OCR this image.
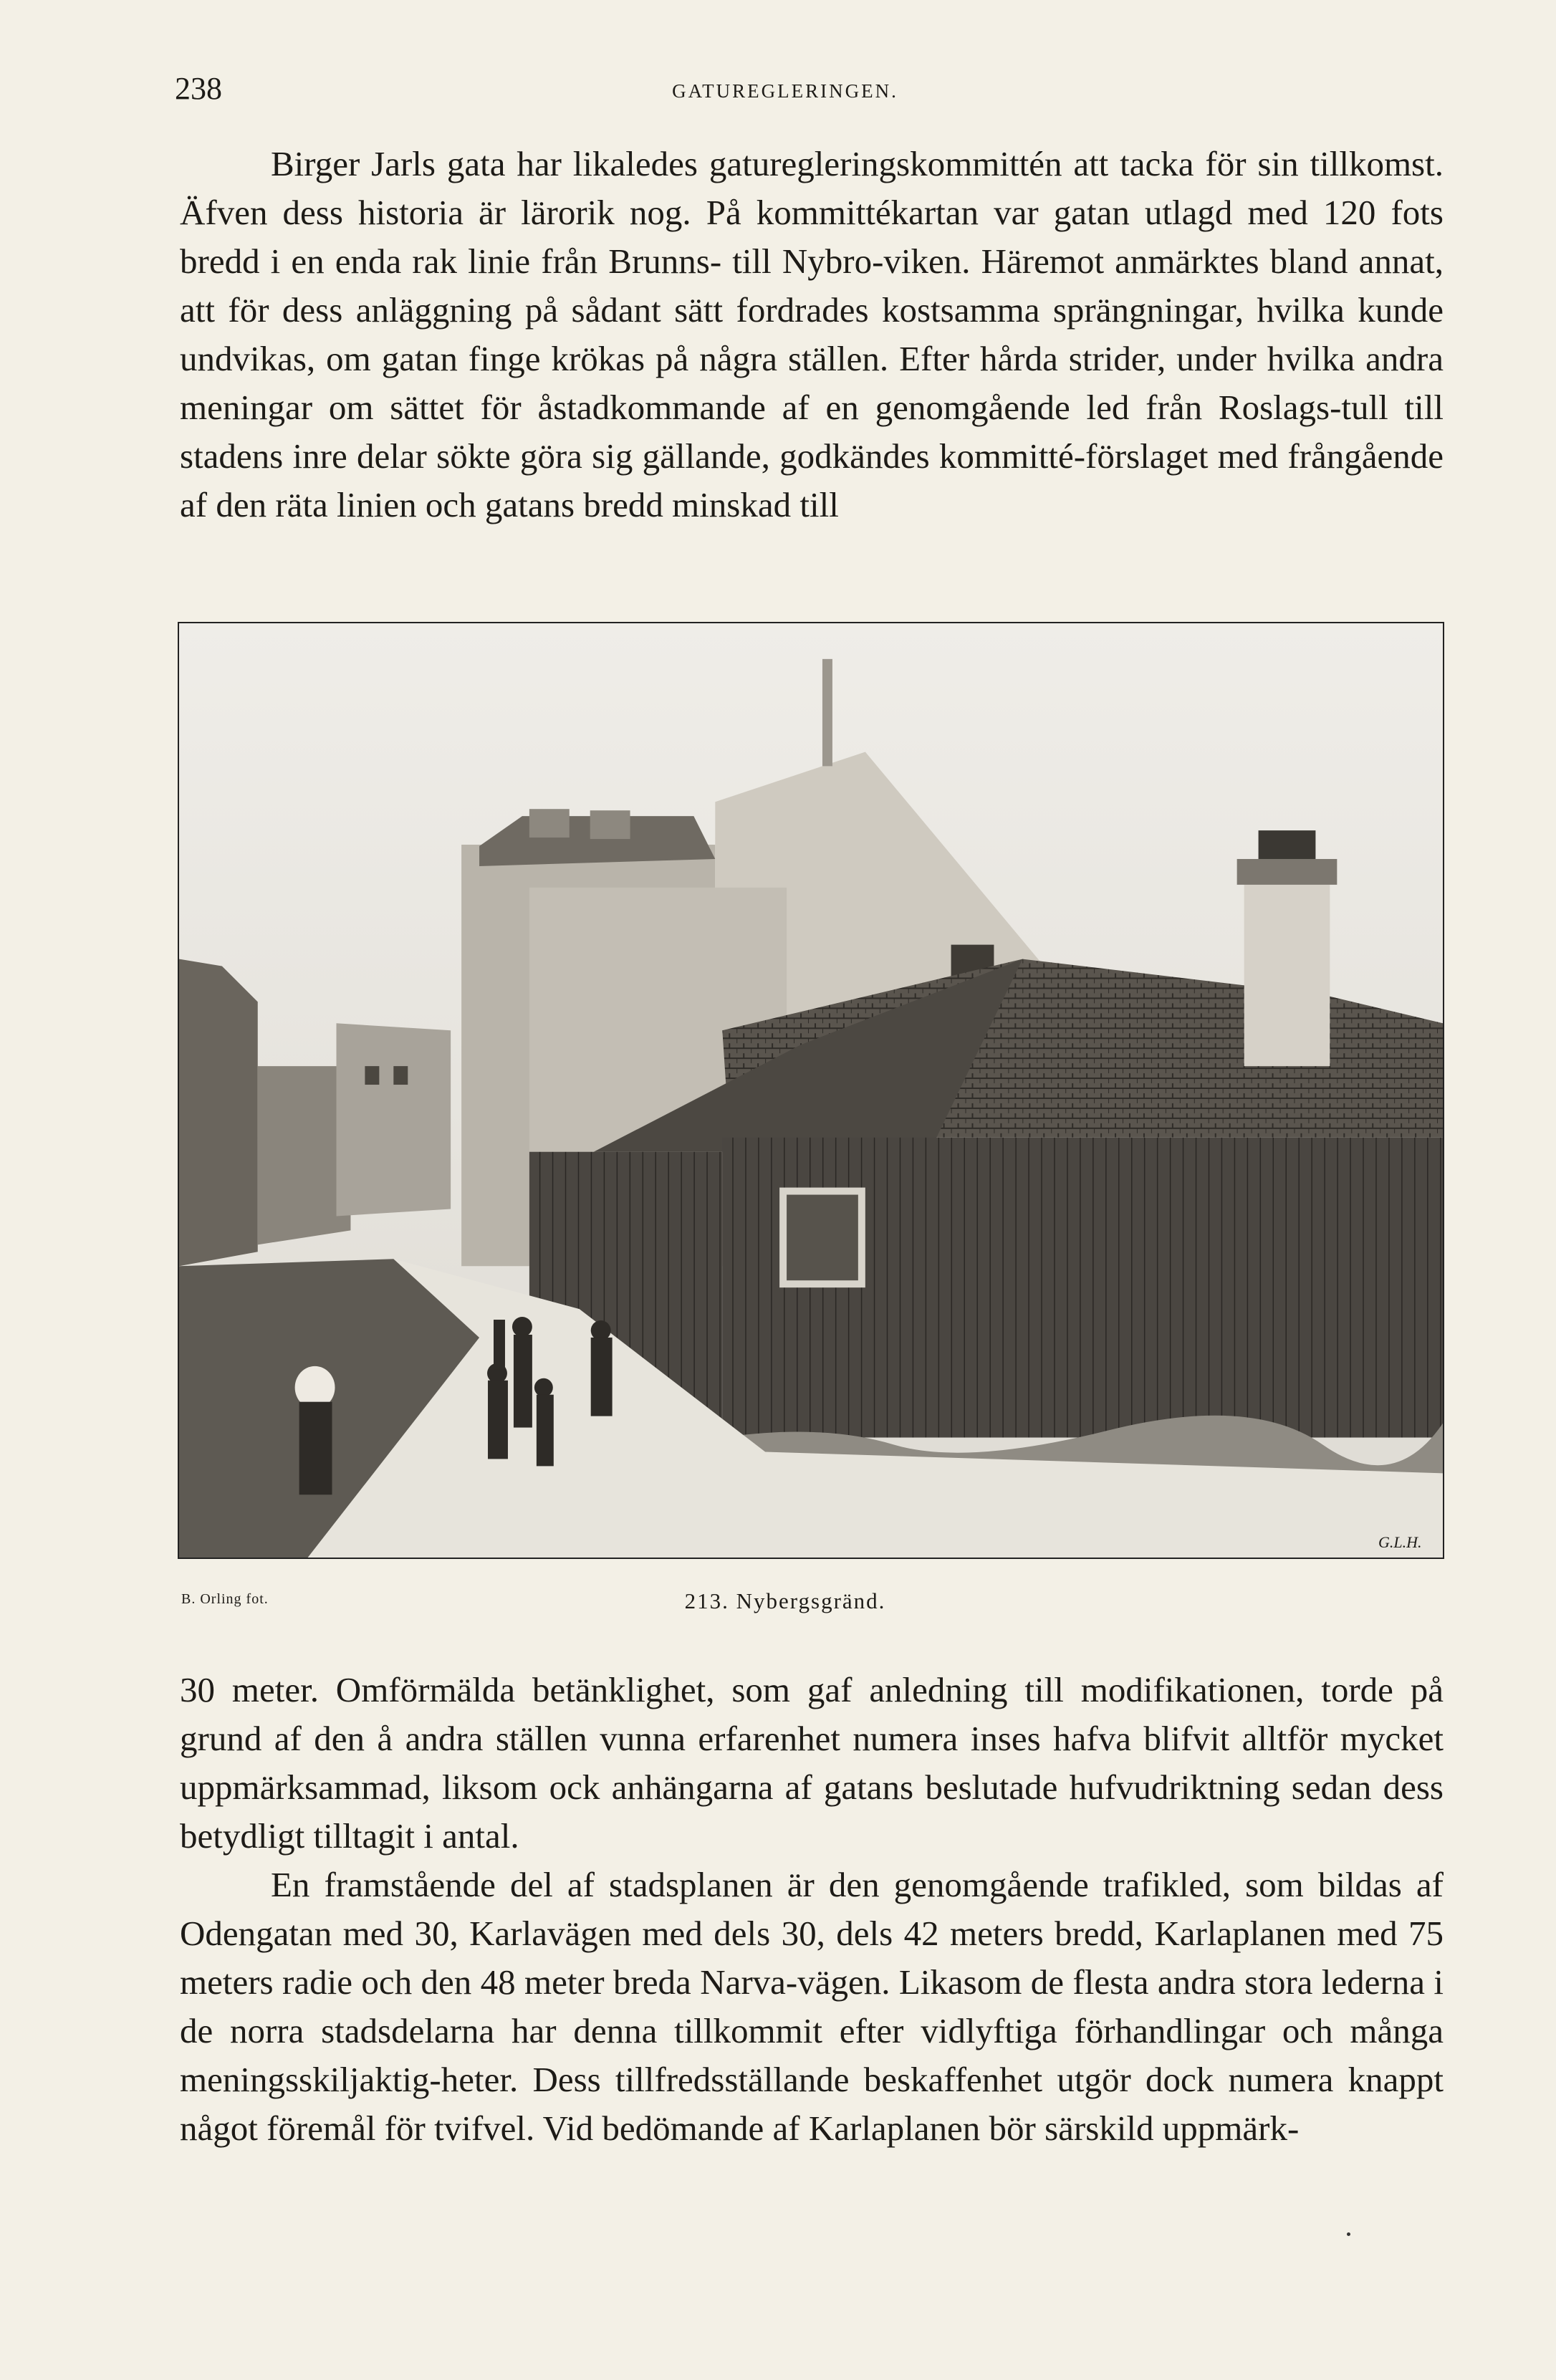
238	GATUREGLERINGEN.

Birger Jarls gata har likaledes gaturegleringskommittén att tacka för sin tillkomst. Äfven dess historia är lärorik nog. På kommittékartan var gatan utlagd med 120 fots bredd i en enda rak linie från Brunns- till Nybro-viken. Häremot anmärktes bland annat, att för dess anläggning på sådant sätt fordrades kostsamma sprängningar, hvilka kunde undvikas, om gatan finge krökas på några ställen. Efter hårda strider, under hvilka andra meningar om sättet för åstadkommande af en genomgående led från Roslags-tull till stadens inre delar sökte göra sig gällande, godkändes kommitté-förslaget med frångående af den räta linien och gatans bredd minskad till

G.L.H.
B. Orling fot.	213. Nybergsgränd.

30 meter. Omförmälda betänklighet, som gaf anledning till modifikationen, torde på grund af den å andra ställen vunna erfarenhet numera inses hafva blifvit alltför mycket uppmärksammad, liksom ock anhängarna af gatans beslutade hufvudriktning sedan dess betydligt tilltagit i antal.

En framstående del af stadsplanen är den genomgående trafikled, som bildas af Odengatan med 30, Karlavägen med dels 30, dels 42 meters bredd, Karlaplanen med 75 meters radie och den 48 meter breda Narva-vägen. Likasom de flesta andra stora lederna i de norra stadsdelarna har denna tillkommit efter vidlyftiga förhandlingar och många meningsskiljaktig-heter. Dess tillfredsställande beskaffenhet utgör dock numera knappt något föremål för tvifvel. Vid bedömande af Karlaplanen bör särskild uppmärk-
